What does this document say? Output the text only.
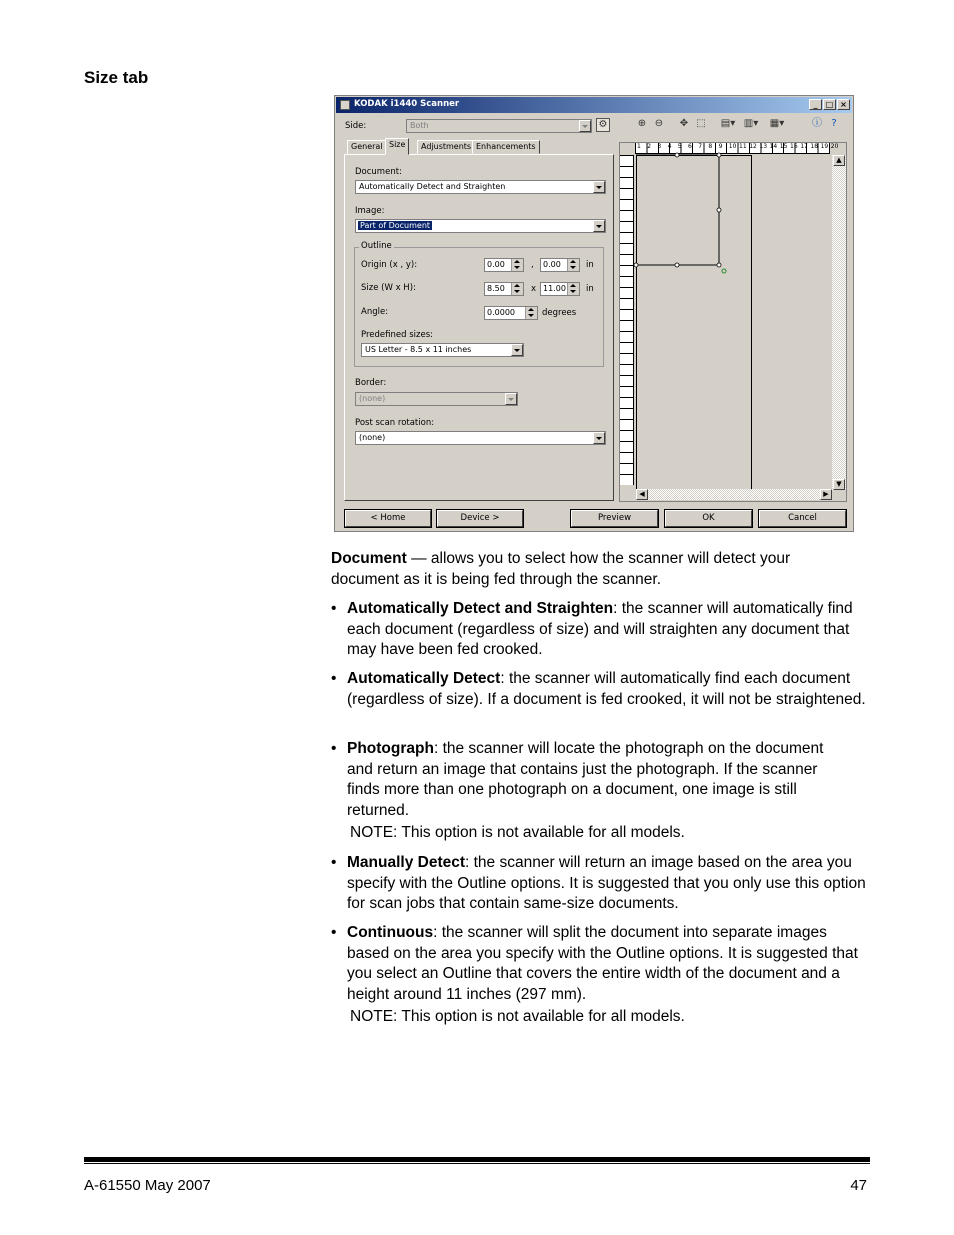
Size tab
KODAK i1440 Scanner	_	□ ×
Side:	Both	⚙	⊕ ⊖ ✥ ⬚ ▤▾ ▥▾ ▦▾	ⓘ ?
General Size	Adjustments Enhancements
Document:
Automatically Detect and Straighten
Image:
Part of Document
Outline
Origin (x , y):	0.00	, 0.00	in
Size (W x H):	8.50	x 11.00 in
Angle:	0.0000	degrees
Predefined sizes:
US Letter - 8.5 x 11 inches
Border:
(none)
Post scan rotation:
(none)
1 2 3 4 5 6 7 8 9 10 11 12 13 14 15 16 17 18 19 20
▲
▼
◀	▶
< Home	Device >	Preview	OK	Cancel
Document — allows you to select how the scanner will detect your document as it is being fed through the scanner.
• Automatically Detect and Straighten: the scanner will automatically find each document (regardless of size) and will straighten any document that may have been fed crooked.
• Automatically Detect: the scanner will automatically find each document (regardless of size). If a document is fed crooked, it will not be straightened.
• Photograph: the scanner will locate the photograph on the document and return an image that contains just the photograph. If the scanner finds more than one photograph on a document, one image is still returned.
NOTE: This option is not available for all models.
• Manually Detect: the scanner will return an image based on the area you specify with the Outline options. It is suggested that you only use this option for scan jobs that contain same-size documents.
• Continuous: the scanner will split the document into separate images based on the area you specify with the Outline options. It is suggested that you select an Outline that covers the entire width of the document and a height around 11 inches (297 mm).
NOTE: This option is not available for all models.
A-61550 May 2007	47
